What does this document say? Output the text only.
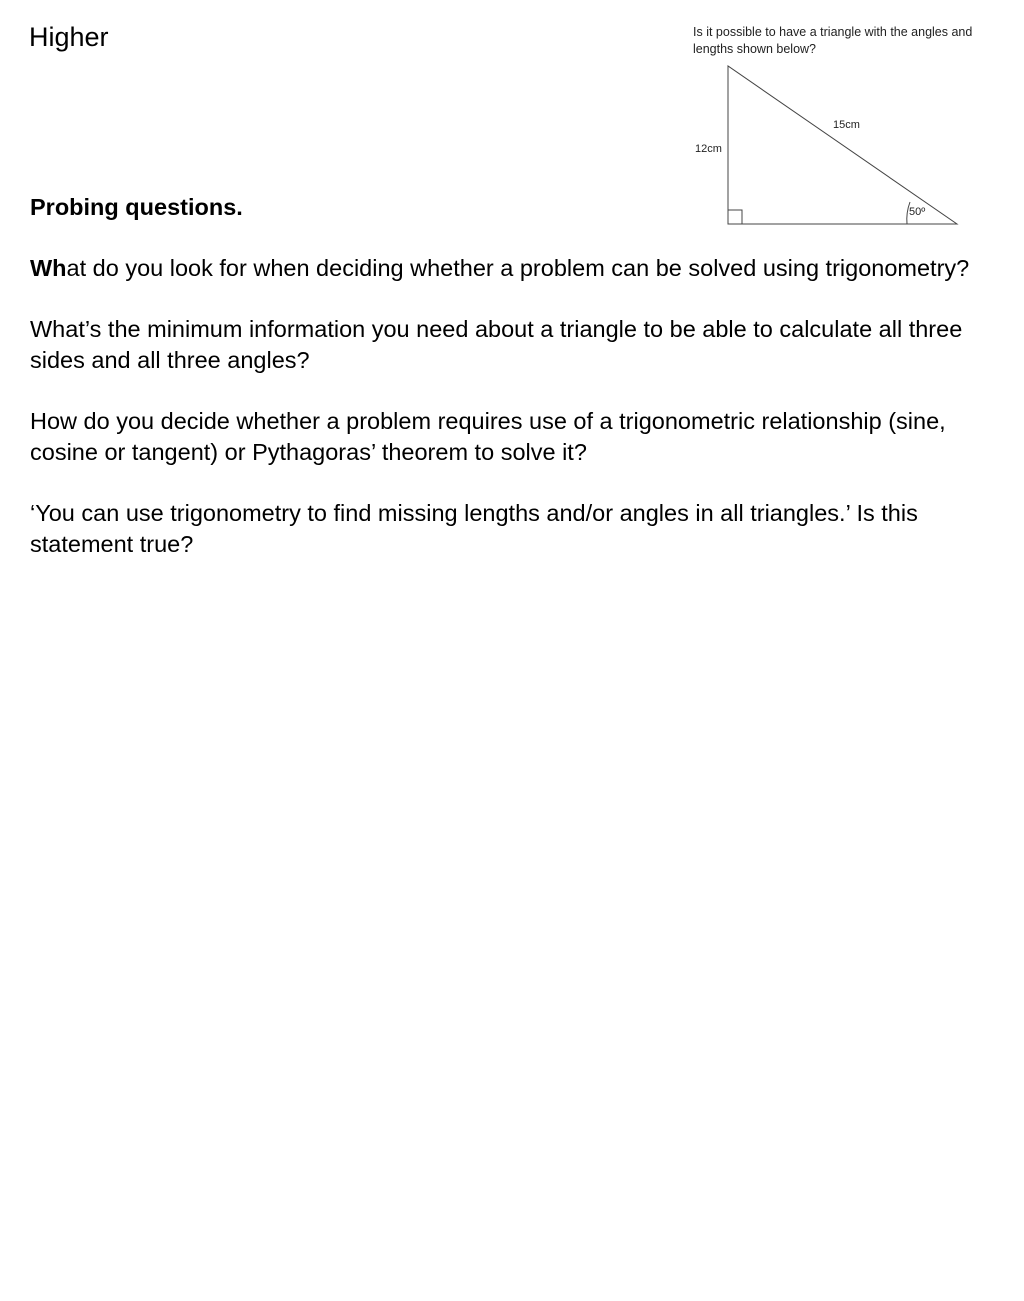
Higher	Is it possible to have a triangle with the angles and lengths shown below?
12cm
15cm
50º

Probing questions.

What do you look for when deciding whether a problem can be solved using trigonometry?

What’s the minimum information you need about a triangle to be able to calculate all three sides and all three angles?

How do you decide whether a problem requires use of a trigonometric relationship (sine, cosine or tangent) or Pythagoras’ theorem to solve it?

‘You can use trigonometry to find missing lengths and/or angles in all triangles.’ Is this statement true?
